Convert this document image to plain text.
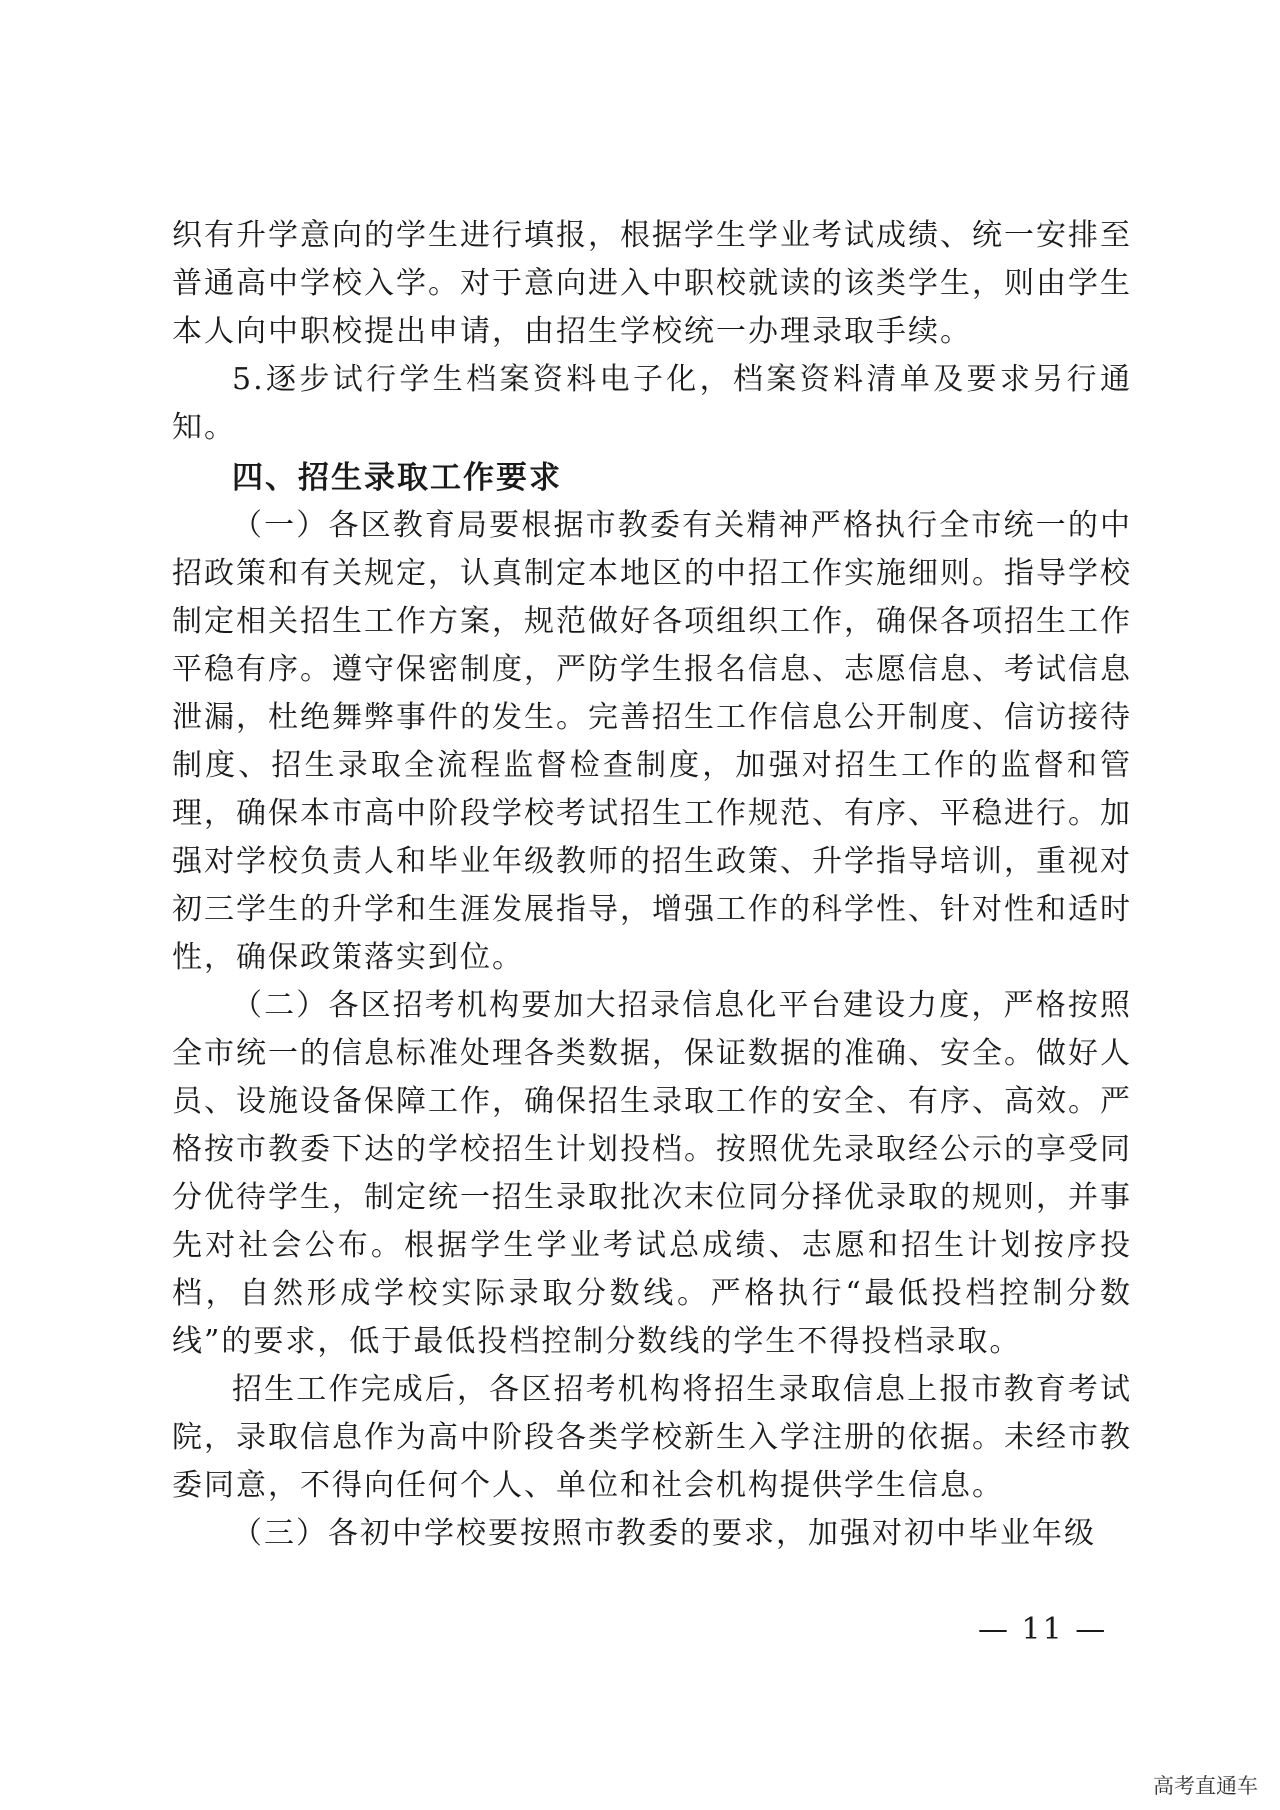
织有升学意向的学生进行填报，根据学生学业考试成绩、统一安排至普通高中学校入学。对于意向进入中职校就读的该类学生，则由学生本人向中职校提出申请，由招生学校统一办理录取手续。

5.逐步试行学生档案资料电子化，档案资料清单及要求另行通知。

四、招生录取工作要求

（一）各区教育局要根据市教委有关精神严格执行全市统一的中招政策和有关规定，认真制定本地区的中招工作实施细则。指导学校制定相关招生工作方案，规范做好各项组织工作，确保各项招生工作平稳有序。遵守保密制度，严防学生报名信息、志愿信息、考试信息泄漏，杜绝舞弊事件的发生。完善招生工作信息公开制度、信访接待制度、招生录取全流程监督检查制度，加强对招生工作的监督和管理，确保本市高中阶段学校考试招生工作规范、有序、平稳进行。加强对学校负责人和毕业年级教师的招生政策、升学指导培训，重视对初三学生的升学和生涯发展指导，增强工作的科学性、针对性和适时性，确保政策落实到位。

（二）各区招考机构要加大招录信息化平台建设力度，严格按照全市统一的信息标准处理各类数据，保证数据的准确、安全。做好人员、设施设备保障工作，确保招生录取工作的安全、有序、高效。严格按市教委下达的学校招生计划投档。按照优先录取经公示的享受同分优待学生，制定统一招生录取批次末位同分择优录取的规则，并事先对社会公布。根据学生学业考试总成绩、志愿和招生计划按序投档，自然形成学校实际录取分数线。严格执行“最低投档控制分数线”的要求，低于最低投档控制分数线的学生不得投档录取。

招生工作完成后，各区招考机构将招生录取信息上报市教育考试院，录取信息作为高中阶段各类学校新生入学注册的依据。未经市教委同意，不得向任何个人、单位和社会机构提供学生信息。

（三）各初中学校要按照市教委的要求，加强对初中毕业年级

— 11 —
高考直通车
